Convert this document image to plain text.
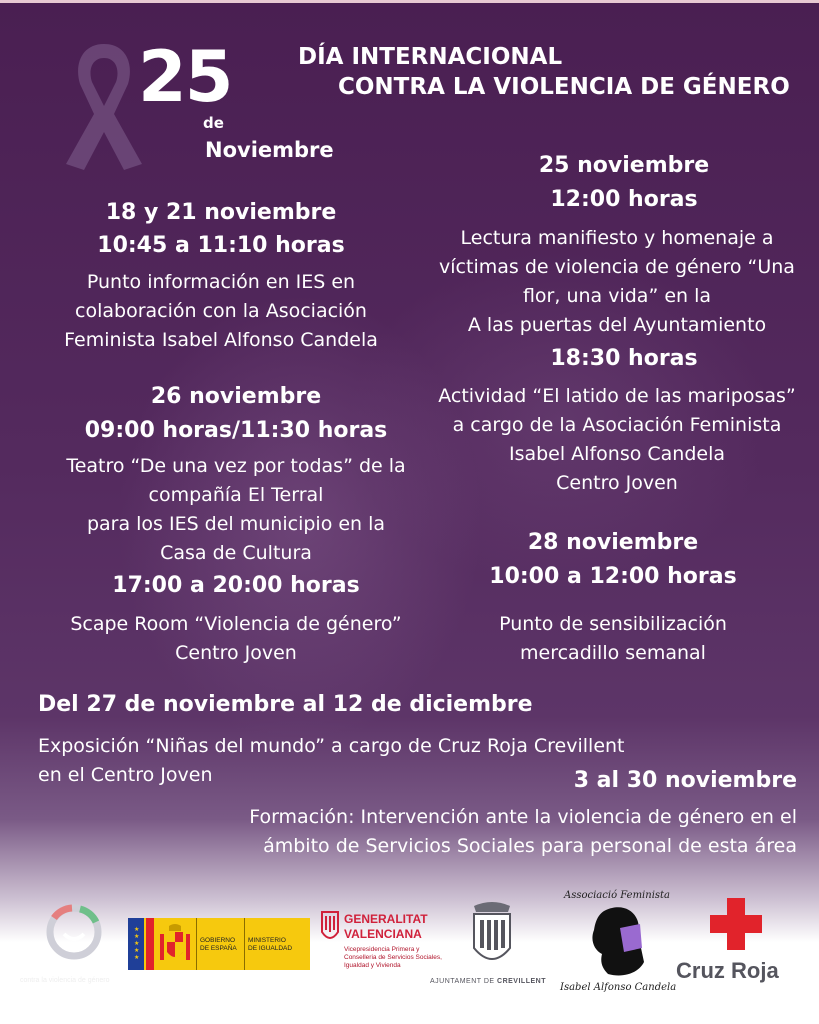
25
de
Noviembre
DÍA INTERNACIONAL
CONTRA LA VIOLENCIA DE GÉNERO
18 y 21 noviembre
10:45 a 11:10 horas
Punto información en IES en
colaboración con la Asociación
Feminista Isabel Alfonso Candela
26 noviembre
09:00 horas/11:30 horas
Teatro “De una vez por todas” de la
compañía El Terral
para los IES del municipio en la
Casa de Cultura
17:00 a 20:00 horas
Scape Room “Violencia de género”
Centro Joven
25 noviembre
12:00 horas
Lectura manifiesto y homenaje a
víctimas de violencia de género “Una
flor, una vida” en la
A las puertas del Ayuntamiento
18:30 horas
Actividad “El latido de las mariposas”
a cargo de la Asociación Feminista
Isabel Alfonso Candela
Centro Joven
28 noviembre
10:00 a 12:00 horas
Punto de sensibilización
mercadillo semanal
Del 27 de noviembre al 12 de diciembre
Exposición “Niñas del mundo” a cargo de Cruz Roja Crevillent
en el Centro Joven	3 al 30 noviembre
Formación: Intervención ante la violencia de género en el
ámbito de Servicios Sociales para personal de esta área
Pacto de Estado
contra la violencia de género
★
★
★
★
★
GOBIERNO
DE ESPAÑA
MINISTERIO
DE IGUALDAD
GENERALITAT
VALENCIANA
Vicepresidencia Primera y
Conselleria de Servicios Sociales,
Igualdad y Vivienda
AJUNTAMENT DE CREVILLENT
Associació Feminista
Isabel Alfonso Candela
Cruz Roja
